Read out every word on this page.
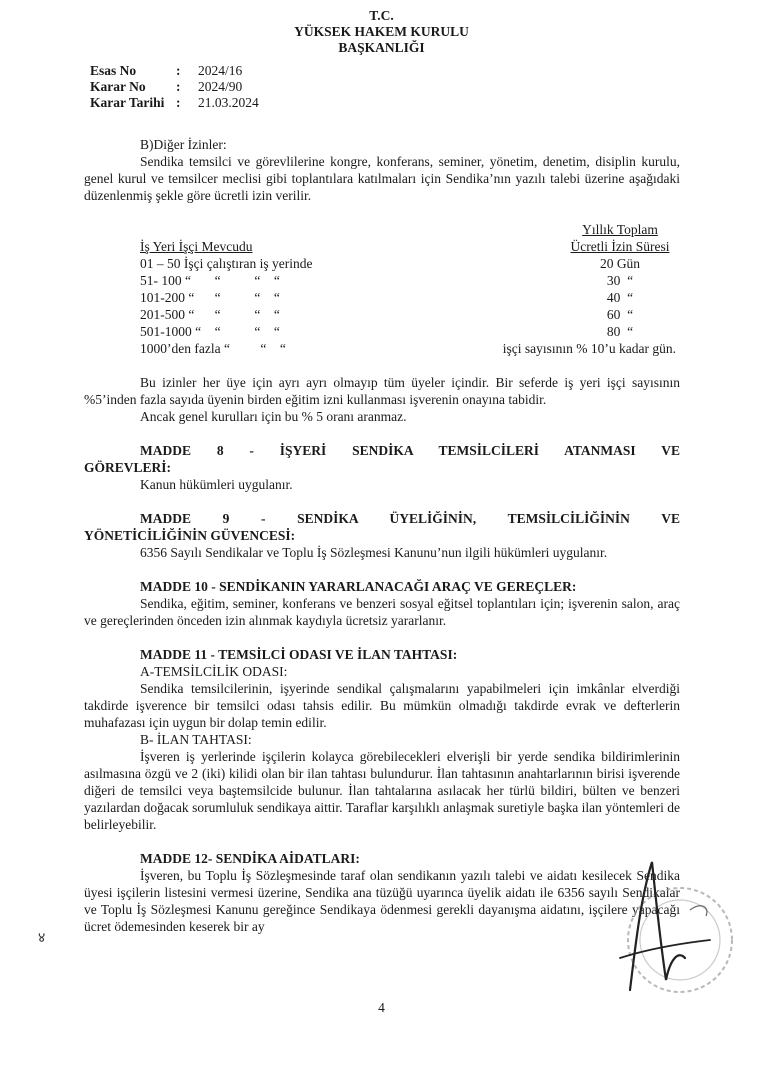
T.C.
YÜKSEK HAKEM KURULU
BAŞKANLIĞI
Esas No	:	2024/16
Karar No	:	2024/90
Karar Tarihi	:	21.03.2024

B)Diğer İzinler:

Sendika temsilci ve görevlilerine kongre, konferans, seminer, yönetim, denetim, disiplin kurulu, genel kurul ve temsilcer meclisi gibi toplantılara katılmaları için Sendika’nın yazılı talebi üzerine aşağıdaki düzenlenmiş şekle göre ücretli izin verilir.

Yıllık Toplam
İş Yeri İşçi Mevcudu	Ücretli İzin Süresi
01 – 50 İşçi çalıştıran iş yerinde	20 Gün
51- 100 “       “          “    “	30  “
101-200 “      “          “    “	40  “
201-500 “      “          “    “	60  “
501-1000 “    “          “    “	80  “
1000’den fazla “         “    “	işçi sayısının % 10’u kadar gün.

Bu izinler her üye için ayrı ayrı olmayıp tüm üyeler içindir. Bir seferde iş yeri işçi sayısının %5’inden fazla sayıda üyenin birden eğitim izni kullanması işverenin onayına tabidir.

Ancak genel kurulları için bu % 5 oranı aranmaz.

MADDE 8 - İŞYERİ SENDİKA TEMSİLCİLERİ ATANMASI VE

GÖREVLERİ:

Kanun hükümleri uygulanır.

MADDE 9 - SENDİKA ÜYELİĞİNİN, TEMSİLCİLİĞİNİN VE

YÖNETİCİLİĞİNİN GÜVENCESİ:

6356 Sayılı Sendikalar ve Toplu İş Sözleşmesi Kanunu’nun ilgili hükümleri uygulanır.

MADDE 10 - SENDİKANIN YARARLANACAĞI ARAÇ VE GEREÇLER:

Sendika, eğitim, seminer, konferans ve benzeri sosyal eğitsel toplantıları için; işverenin salon, araç ve gereçlerinden önceden izin alınmak kaydıyla ücretsiz yararlanır.

MADDE 11 - TEMSİLCİ ODASI VE İLAN TAHTASI:

A-TEMSİLCİLİK ODASI:

Sendika temsilcilerinin, işyerinde sendikal çalışmalarını yapabilmeleri için imkânlar elverdiği takdirde işverence bir temsilci odası tahsis edilir. Bu mümkün olmadığı takdirde evrak ve defterlerin muhafazası için uygun bir dolap temin edilir.

B- İLAN TAHTASI:

İşveren iş yerlerinde işçilerin kolayca görebilecekleri elverişli bir yerde sendika bildirimlerinin asılmasına özgü ve 2 (iki) kilidi olan bir ilan tahtası bulundurur. İlan tahtasının anahtarlarının birisi işverende diğeri de temsilci veya baştemsilcide bulunur. İlan tahtalarına asılacak her türlü bildiri, bülten ve benzeri yazılardan doğacak sorumluluk sendikaya aittir. Taraflar karşılıklı anlaşmak suretiyle başka ilan yöntemleri de belirleyebilir.

MADDE 12- SENDİKA AİDATLARI:

İşveren, bu Toplu İş Sözleşmesinde taraf olan sendikanın yazılı talebi ve aidatı kesilecek Sendika üyesi işçilerin listesini vermesi üzerine, Sendika ana tüzüğü uyarınca üyelik aidatı ile 6356 sayılı Sendikalar ve Toplu İş Sözleşmesi Kanunu gereğince Sendikaya ödenmesi gerekli dayanışma aidatını, işçilere yapacağı ücret ödemesinden keserek bir ay

४
4
